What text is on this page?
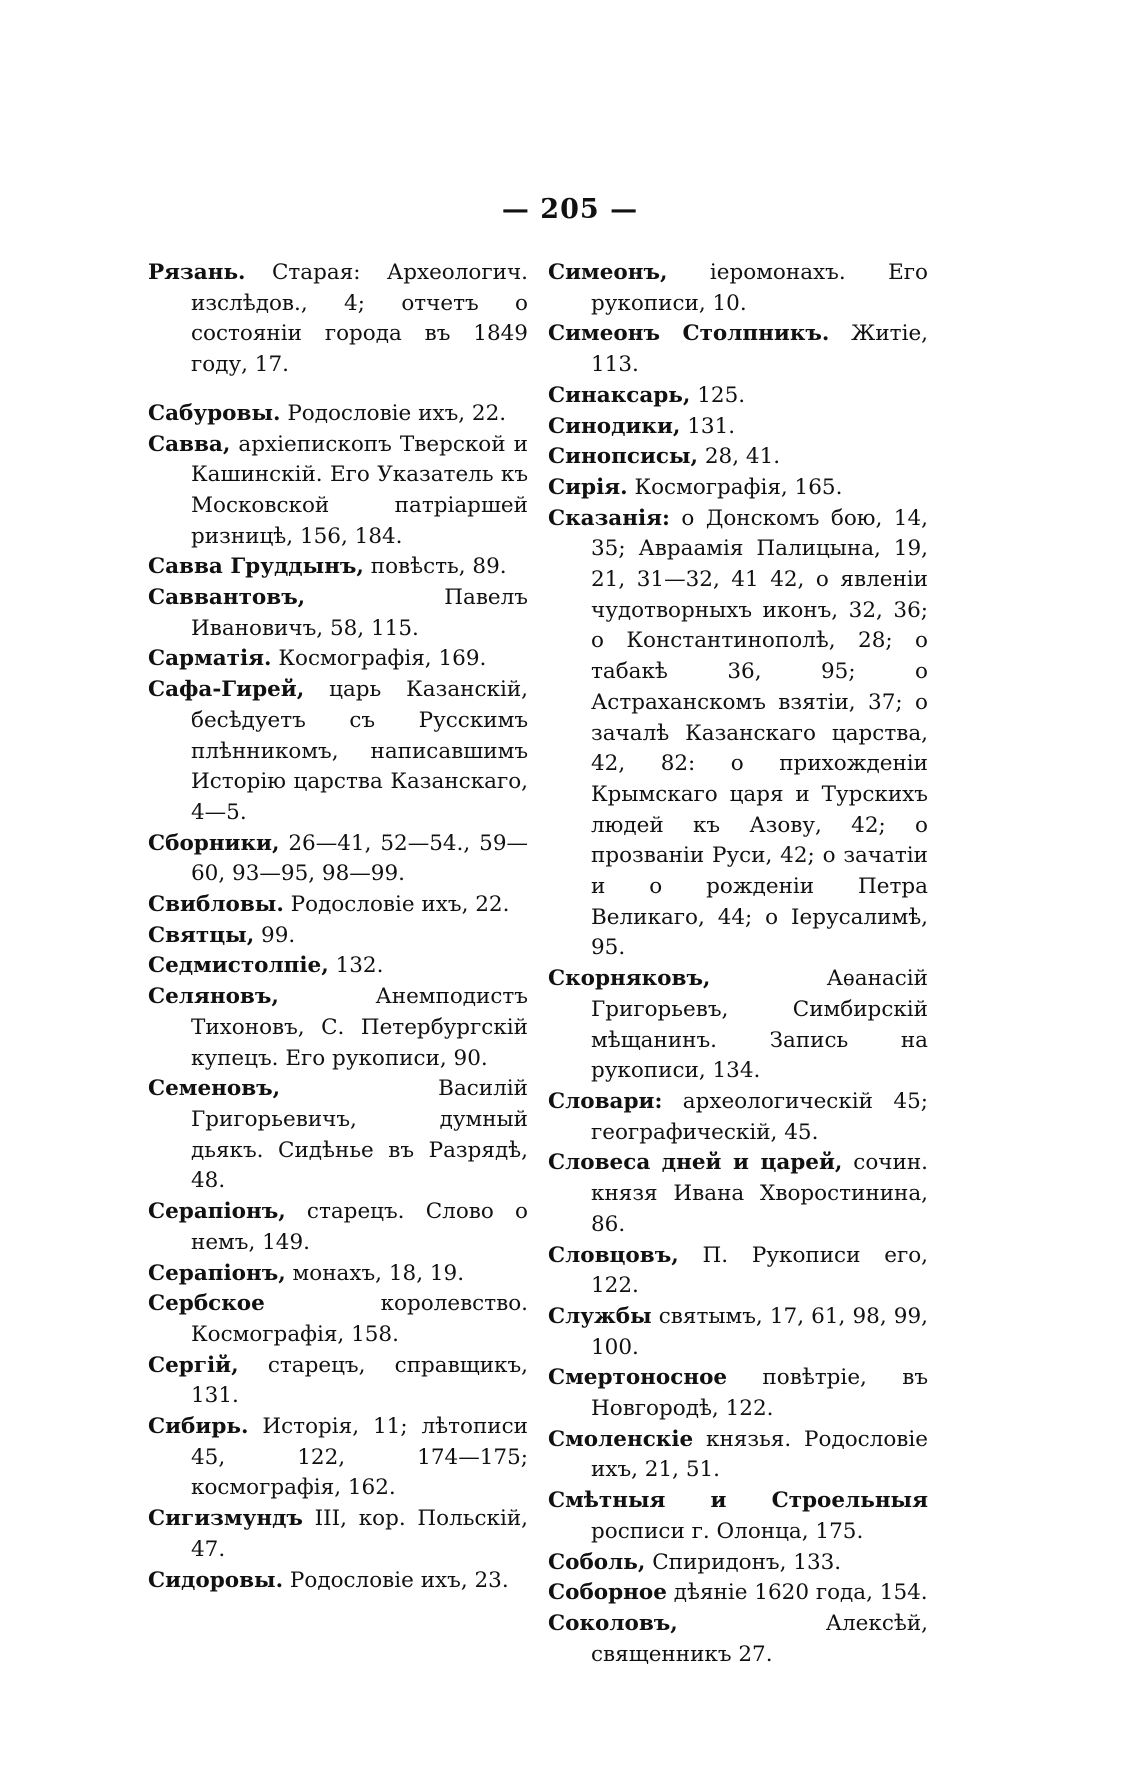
— 205 —

Рязань. Старая: Археологич. изслѣдов., 4; отчетъ о состояніи города въ 1849 году, 17.

Сабуровы. Родословіе ихъ, 22.

Савва, архіепископъ Тверской и Кашинскій. Его Указатель къ Московской патріаршей ризницѣ, 156, 184.

Савва Груддынъ, повѣсть, 89.

Саввантовъ, Павелъ Ивановичъ, 58, 115.

Сарматія. Космографія, 169.

Сафа-Гирей, царь Казанскій, бесѣдуетъ съ Русскимъ плѣнникомъ, написавшимъ Исторію царства Казанскаго, 4—5.

Сборники, 26—41, 52—54., 59—60, 93—95, 98—99.

Свибловы. Родословіе ихъ, 22.

Святцы, 99.

Седмистолпіе, 132.

Селяновъ, Анемподистъ Тихоновъ, С. Петербургскій купецъ. Его рукописи, 90.

Семеновъ, Василій Григорьевичъ, думный дьякъ. Сидѣнье въ Разрядѣ, 48.

Серапіонъ, старецъ. Слово о немъ, 149.

Серапіонъ, монахъ, 18, 19.

Сербское королевство. Космографія, 158.

Сергій, старецъ, справщикъ, 131.

Сибирь. Исторія, 11; лѣтописи 45, 122, 174—175; космографія, 162.

Сигизмундъ III, кор. Польскій, 47.

Сидоровы. Родословіе ихъ, 23.

Симеонъ, іеромонахъ. Его рукописи, 10.

Симеонъ Столпникъ. Житіе, 113.

Синаксарь, 125.

Синодики, 131.

Синопсисы, 28, 41.

Сирія. Космографія, 165.

Сказанія: о Донскомъ бою, 14, 35; Авраамія Палицына, 19, 21, 31—32, 41 42, о явленіи чудотворныхъ иконъ, 32, 36; о Константинополѣ, 28; о табакѣ 36, 95; о Астраханскомъ взятіи, 37; о зачалѣ Казанскаго царства, 42, 82: о прихожденіи Крымскаго царя и Турскихъ людей къ Азову, 42; о прозваніи Руси, 42; о зачатіи и о рожденіи Петра Великаго, 44; о Іерусалимѣ, 95.

Скорняковъ, Аѳанасій Григорьевъ, Симбирскій мѣщанинъ. Запись на рукописи, 134.

Словари: археологическій 45; географическій, 45.

Словеса дней и царей, сочин. князя Ивана Хворостинина, 86.

Словцовъ, П. Рукописи его, 122.

Службы святымъ, 17, 61, 98, 99, 100.

Смертоносное повѣтріе, въ Новгородѣ, 122.

Смоленскіе князья. Родословіе ихъ, 21, 51.

Смѣтныя и Строельныя росписи г. Олонца, 175.

Соболь, Спиридонъ, 133.

Соборное дѣяніе 1620 года, 154.

Соколовъ, Алексѣй, священникъ 27.
